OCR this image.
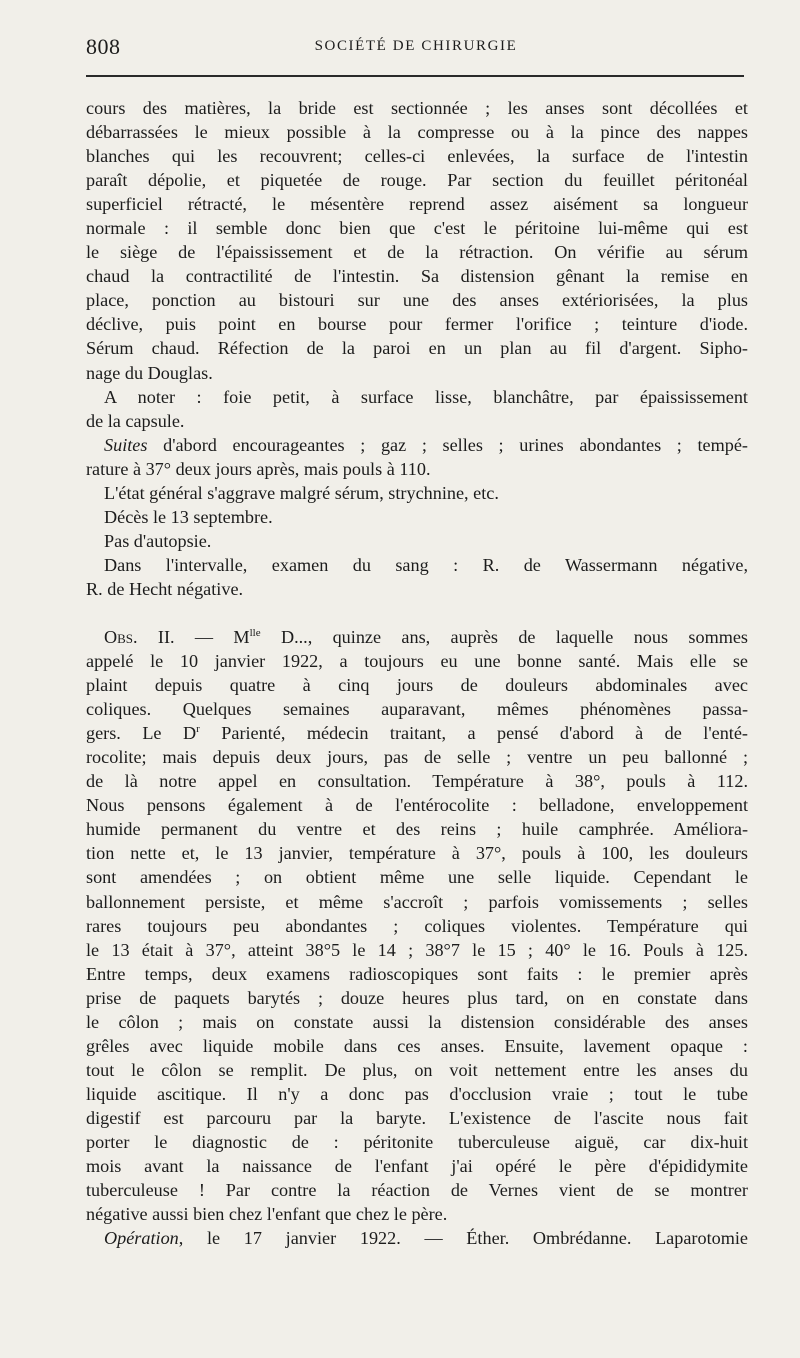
808	SOCIÉTÉ DE CHIRURGIE
cours des matières, la bride est sectionnée ; les anses sont décollées et
débarrassées le mieux possible à la compresse ou à la pince des nappes
blanches qui les recouvrent; celles-ci enlevées, la surface de l'intestin
paraît dépolie, et piquetée de rouge. Par section du feuillet péritonéal
superficiel rétracté, le mésentère reprend assez aisément sa longueur
normale : il semble donc bien que c'est le péritoine lui-même qui est
le siège de l'épaississement et de la rétraction. On vérifie au sérum
chaud la contractilité de l'intestin. Sa distension gênant la remise en
place, ponction au bistouri sur une des anses extériorisées, la plus
déclive, puis point en bourse pour fermer l'orifice ; teinture d'iode.
Sérum chaud. Réfection de la paroi en un plan au fil d'argent. Sipho-
nage du Douglas.
A noter : foie petit, à surface lisse, blanchâtre, par épaississement
de la capsule.
Suites d'abord encourageantes ; gaz ; selles ; urines abondantes ; tempé-
rature à 37° deux jours après, mais pouls à 110.
L'état général s'aggrave malgré sérum, strychnine, etc.
Décès le 13 septembre.
Pas d'autopsie.
Dans l'intervalle, examen du sang : R. de Wassermann négative,
R. de Hecht négative.
Obs. II. — $M^{lle}$ D..., quinze ans, auprès de laquelle nous sommes
appelé le 10 janvier 1922, a toujours eu une bonne santé. Mais elle se
plaint depuis quatre à cinq jours de douleurs abdominales avec
coliques. Quelques semaines auparavant, mêmes phénomènes passa-
gers. Le $D^r$ Parienté, médecin traitant, a pensé d'abord à de l'enté-
rocolite; mais depuis deux jours, pas de selle ; ventre un peu ballonné ;
de là notre appel en consultation. Température à 38°, pouls à 112.
Nous pensons également à de l'entérocolite : belladone, enveloppement
humide permanent du ventre et des reins ; huile camphrée. Améliora-
tion nette et, le 13 janvier, température à 37°, pouls à 100, les douleurs
sont amendées ; on obtient même une selle liquide. Cependant le
ballonnement persiste, et même s'accroît ; parfois vomissements ; selles
rares toujours peu abondantes ; coliques violentes. Température qui
le 13 était à 37°, atteint 38°5 le 14 ; 38°7 le 15 ; 40° le 16. Pouls à 125.
Entre temps, deux examens radioscopiques sont faits : le premier après
prise de paquets barytés ; douze heures plus tard, on en constate dans
le côlon ; mais on constate aussi la distension considérable des anses
grêles avec liquide mobile dans ces anses. Ensuite, lavement opaque :
tout le côlon se remplit. De plus, on voit nettement entre les anses du
liquide ascitique. Il n'y a donc pas d'occlusion vraie ; tout le tube
digestif est parcouru par la baryte. L'existence de l'ascite nous fait
porter le diagnostic de : péritonite tuberculeuse aiguë, car dix-huit
mois avant la naissance de l'enfant j'ai opéré le père d'épididymite
tuberculeuse ! Par contre la réaction de Vernes vient de se montrer
négative aussi bien chez l'enfant que chez le père.
Opération, le 17 janvier 1922. — Éther. Ombrédanne. Laparotomie
